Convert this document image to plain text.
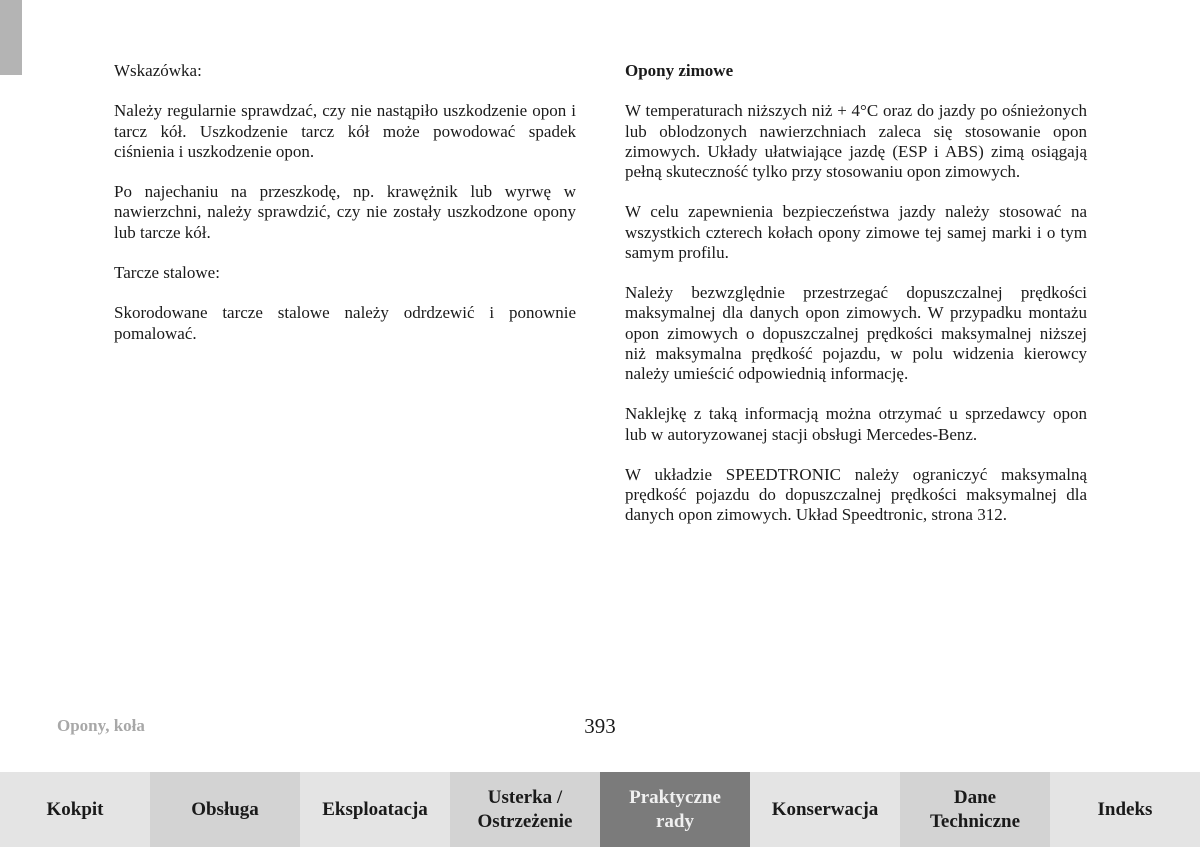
Wskazówka:

Należy regularnie sprawdzać, czy nie nastąpiło uszkodzenie opon i tarcz kół. Uszkodzenie tarcz kół może powodować spadek ciśnienia i uszkodzenie opon.

Po najechaniu na przeszkodę, np. krawężnik lub wyrwę w nawierzchni, należy sprawdzić, czy nie zostały uszkodzone opony lub tarcze kół.

Tarcze stalowe:

Skorodowane tarcze stalowe należy odrdzewić i ponownie pomalować.

Opony zimowe

W temperaturach niższych niż + 4°C oraz do jazdy po ośnieżonych lub oblodzonych nawierzchniach zaleca się stosowanie opon zimowych. Układy ułatwiające jazdę (ESP i ABS) zimą osiągają pełną skuteczność tylko przy stosowaniu opon zimowych.

W celu zapewnienia bezpieczeństwa jazdy należy stosować na wszystkich czterech kołach opony zimowe tej samej marki i o tym samym profilu.

Należy bezwzględnie przestrzegać dopuszczalnej prędkości maksymalnej dla danych opon zimowych. W przypadku montażu opon zimowych o dopuszczalnej prędkości maksymalnej niższej niż maksymalna prędkość pojazdu, w polu widzenia kierowcy należy umieścić odpowiednią informację.

Naklejkę z taką informacją można otrzymać u sprzedawcy opon lub w autoryzowanej stacji obsługi Mercedes-Benz.

W układzie SPEEDTRONIC należy ograniczyć maksymalną prędkość pojazdu do dopuszczalnej prędkości maksymalnej dla danych opon zimowych. Układ Speedtronic, strona 312.

Opony, koła	393
Kokpit	Obsługa	Eksploatacja
Usterka /
Ostrzeżenie
Praktyczne
rady
Konserwacja
Dane
Techniczne
Indeks
